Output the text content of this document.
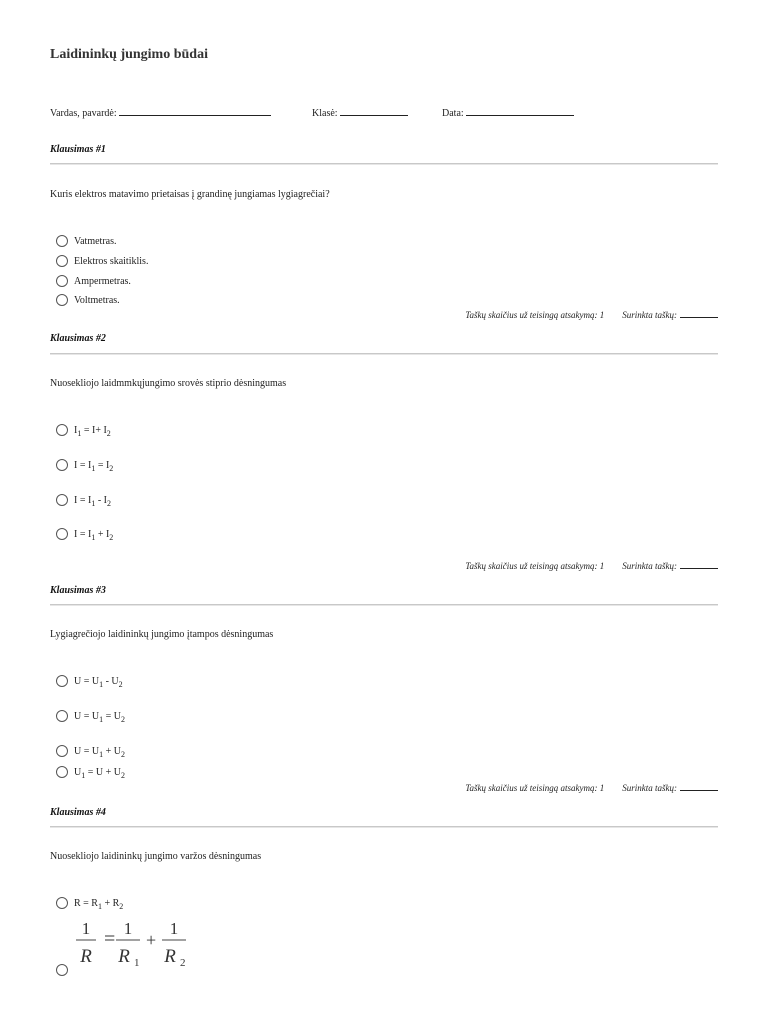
Laidininkų jungimo būdai
Vardas, pavardė:	Klasė:	Data:
Klausimas #1
Kuris elektros matavimo prietaisas į grandinę jungiamas lygiagrečiai?
Vatmetras.
Elektros skaitiklis.
Ampermetras.
Voltmetras.
Taškų skaičius už teisingą atsakymą:
1 Surinkta taškų:
Klausimas #2
Nuosekliojo laidmmkųjungimo srovės stiprio dėsningumas
$I_1 = I+ I_2$
$I = I_1 = I_2$
$I = I_1 - I_2$
$I = I_1 + I_2$
Taškų skaičius už teisingą atsakymą:
1 Surinkta taškų:
Klausimas #3
Lygiagrečiojo laidininkų jungimo įtampos dėsningumas
$U = U_1 - U_2$
$U = U_1 = U_2$
$U = U_1 + U_2$
$U_1 = U + U_2$
Taškų skaičius už teisingą atsakymą:
1 Surinkta taškų:
Klausimas #4
Nuosekliojo laidininkų jungimo varžos dėsningumas
$R = R_1 + R_2$
1
R
= 1
R 1
+
1
R 2
